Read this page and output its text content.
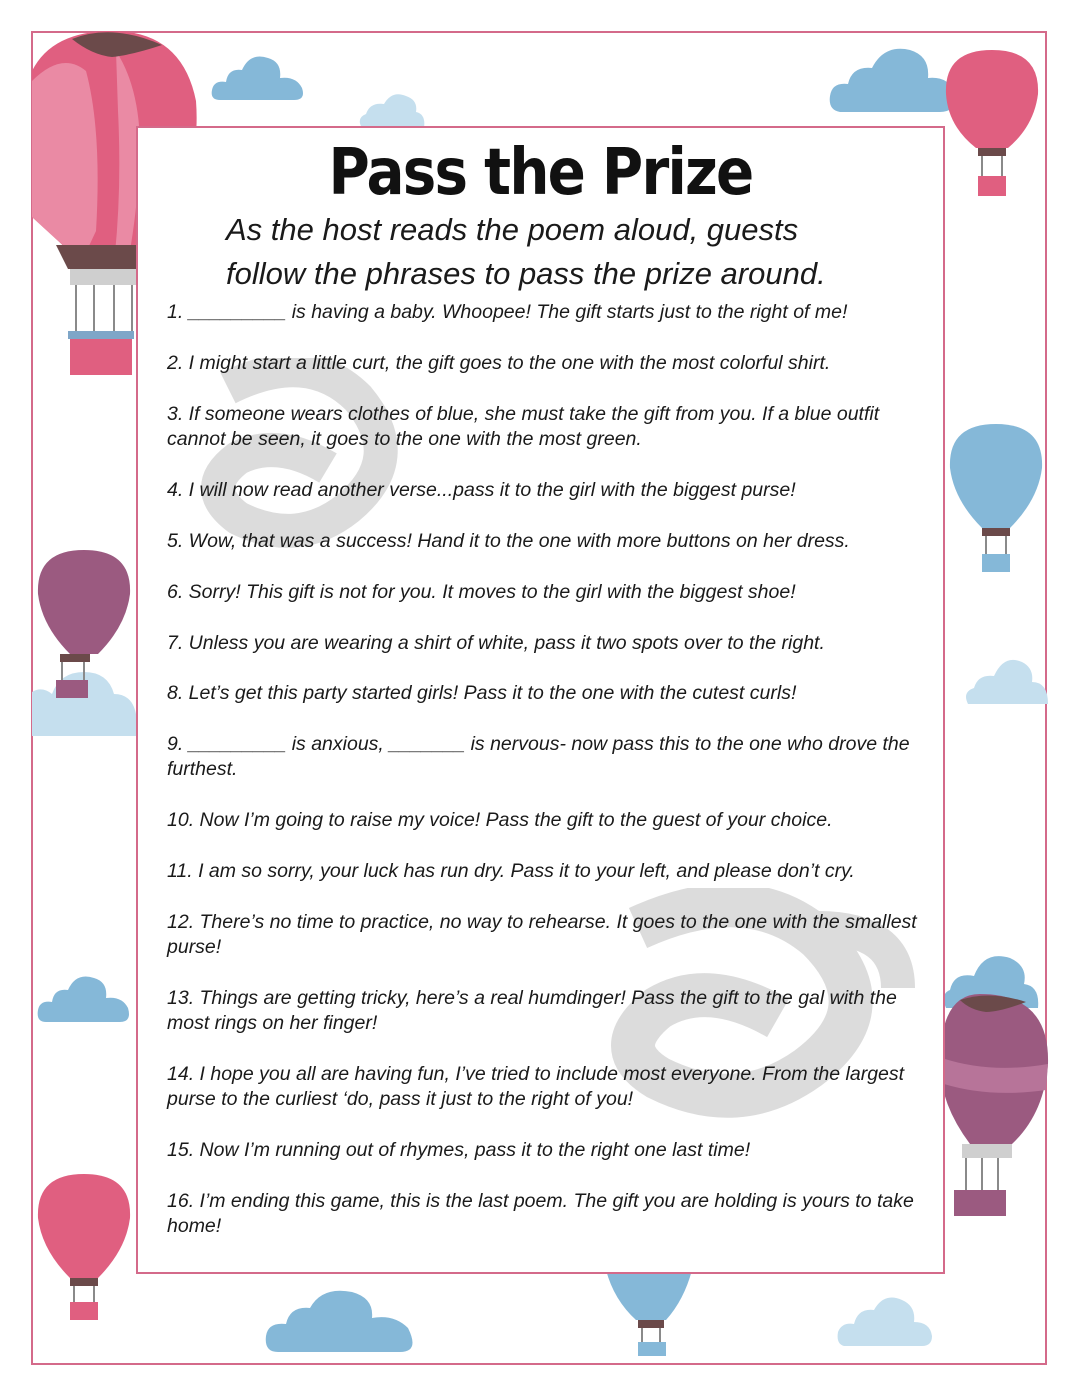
Pass the Prize

As the host reads the poem aloud, guests
follow the phrases to pass the prize around.

1. _________ is having a baby. Whoopee! The gift starts just to the right of me!

2. I might start a little curt, the gift goes to the one with the most colorful shirt.

3. If someone wears clothes of blue, she must take the gift from you. If a blue outfit cannot be seen, it goes to the one with the most green.

4. I will now read another verse...pass it to the girl with the biggest purse!

5. Wow, that was a success! Hand it to the one with more buttons on her dress.

6. Sorry! This gift is not for you. It moves to the girl with the biggest shoe!

7. Unless you are wearing a shirt of white, pass it two spots over to the right.

8. Let’s get this party started girls! Pass it to the one with the cutest curls!

9. _________ is anxious, _______ is nervous- now pass this to the one who drove the furthest.

10. Now I’m going to raise my voice! Pass the gift to the guest of your choice.

11. I am so sorry, your luck has run dry. Pass it to your left, and please don’t cry.

12. There’s no time to practice, no way to rehearse. It goes to the one with the smallest purse!

13. Things are getting tricky, here’s a real humdinger! Pass the gift to the gal with the most rings on her finger!

14. I hope you all are having fun, I’ve tried to include most everyone. From the largest purse to the curliest ‘do, pass it just to the right of you!

15. Now I’m running out of rhymes, pass it to the right one last time!

16. I’m ending this game, this is the last poem. The gift you are holding is yours to take home!
